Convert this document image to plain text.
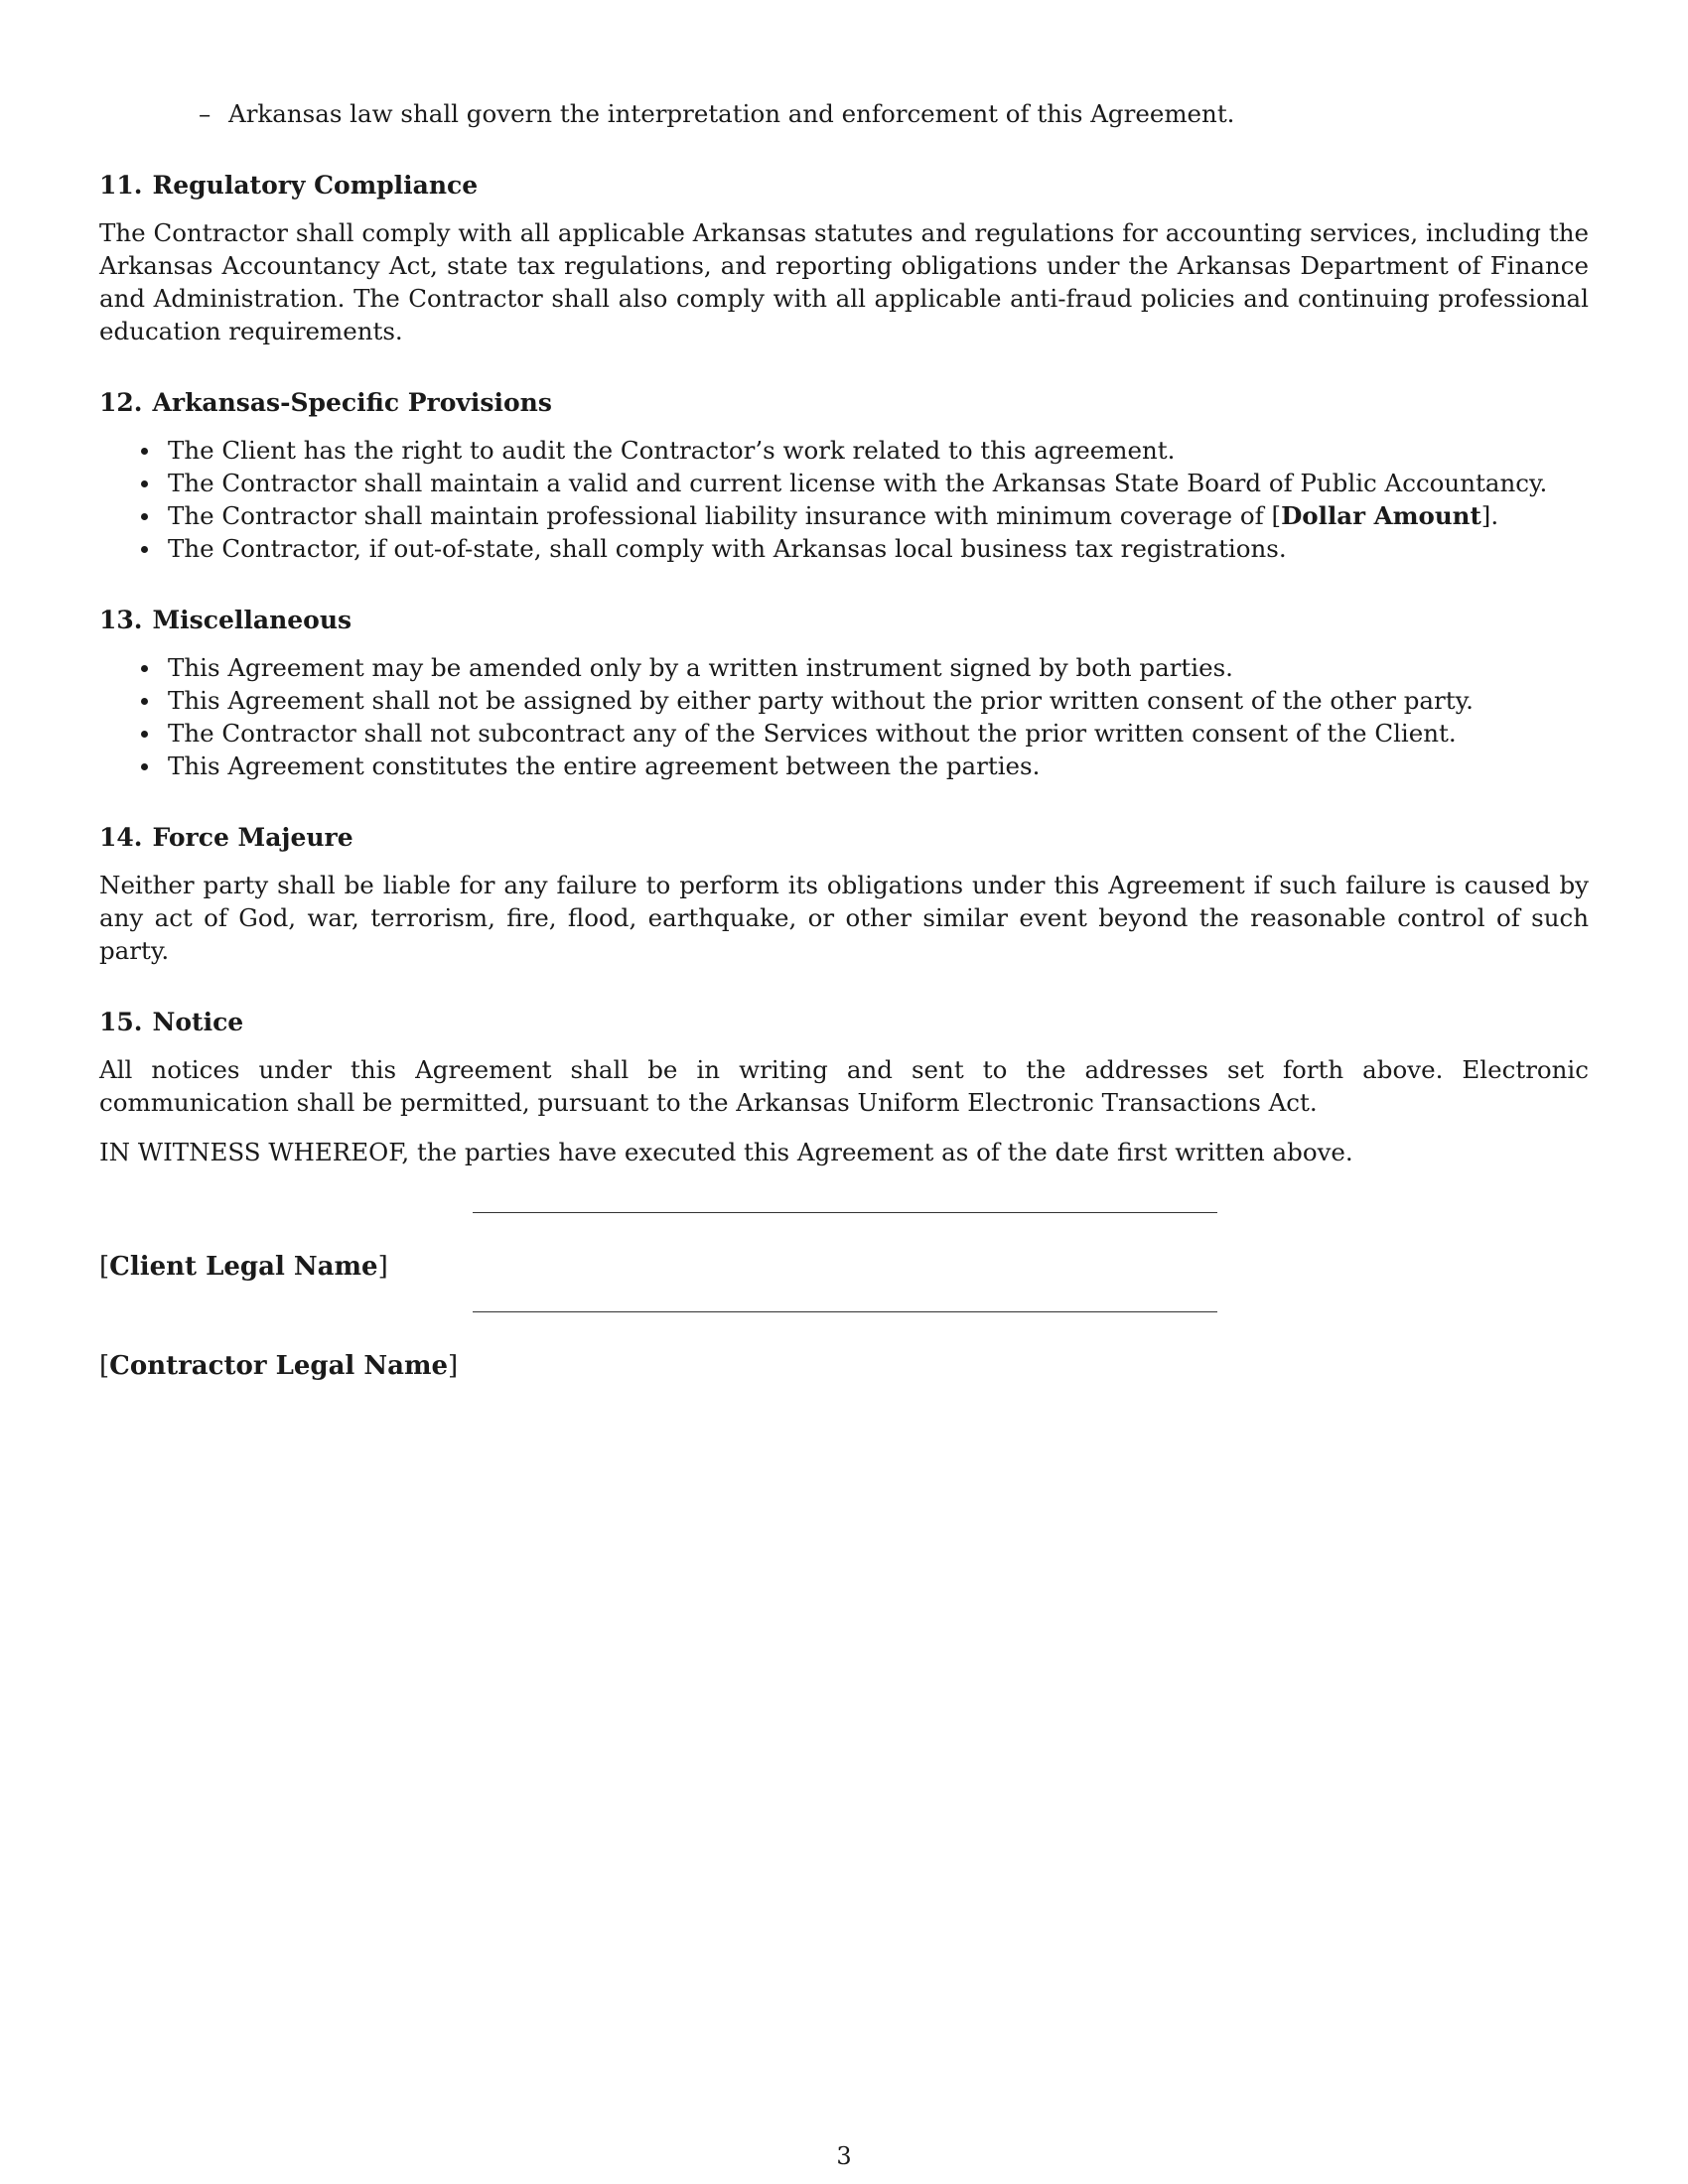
– Arkansas law shall govern the interpretation and enforcement of this Agreement.
11. Regulatory Compliance

The Contractor shall comply with all applicable Arkansas statutes and regulations for accounting services, including the Arkansas Accountancy Act, state tax regulations, and reporting obligations under the Arkansas Department of Finance and Administration. The Contractor shall also comply with all applicable anti-fraud policies and continuing professional education requirements.

12. Arkansas-Specific Provisions
The Client has the right to audit the Contractor’s work related to this agreement.
The Contractor shall maintain a valid and current license with the Arkansas State Board of Public Accountancy.
The Contractor shall maintain professional liability insurance with minimum coverage of [Dollar Amount].
The Contractor, if out-of-state, shall comply with Arkansas local business tax registrations.
13. Miscellaneous
This Agreement may be amended only by a written instrument signed by both parties.
This Agreement shall not be assigned by either party without the prior written consent of the other party.
The Contractor shall not subcontract any of the Services without the prior written consent of the Client.
This Agreement constitutes the entire agreement between the parties.
14. Force Majeure

Neither party shall be liable for any failure to perform its obligations under this Agreement if such failure is caused by any act of God, war, terrorism, fire, flood, earthquake, or other similar event beyond the reasonable control of such party.

15. Notice

All notices under this Agreement shall be in writing and sent to the addresses set forth above. Electronic communication shall be permitted, pursuant to the Arkansas Uniform Electronic Transactions Act.

IN WITNESS WHEREOF, the parties have executed this Agreement as of the date first written above.

[Client Legal Name]
[Contractor Legal Name]
3
